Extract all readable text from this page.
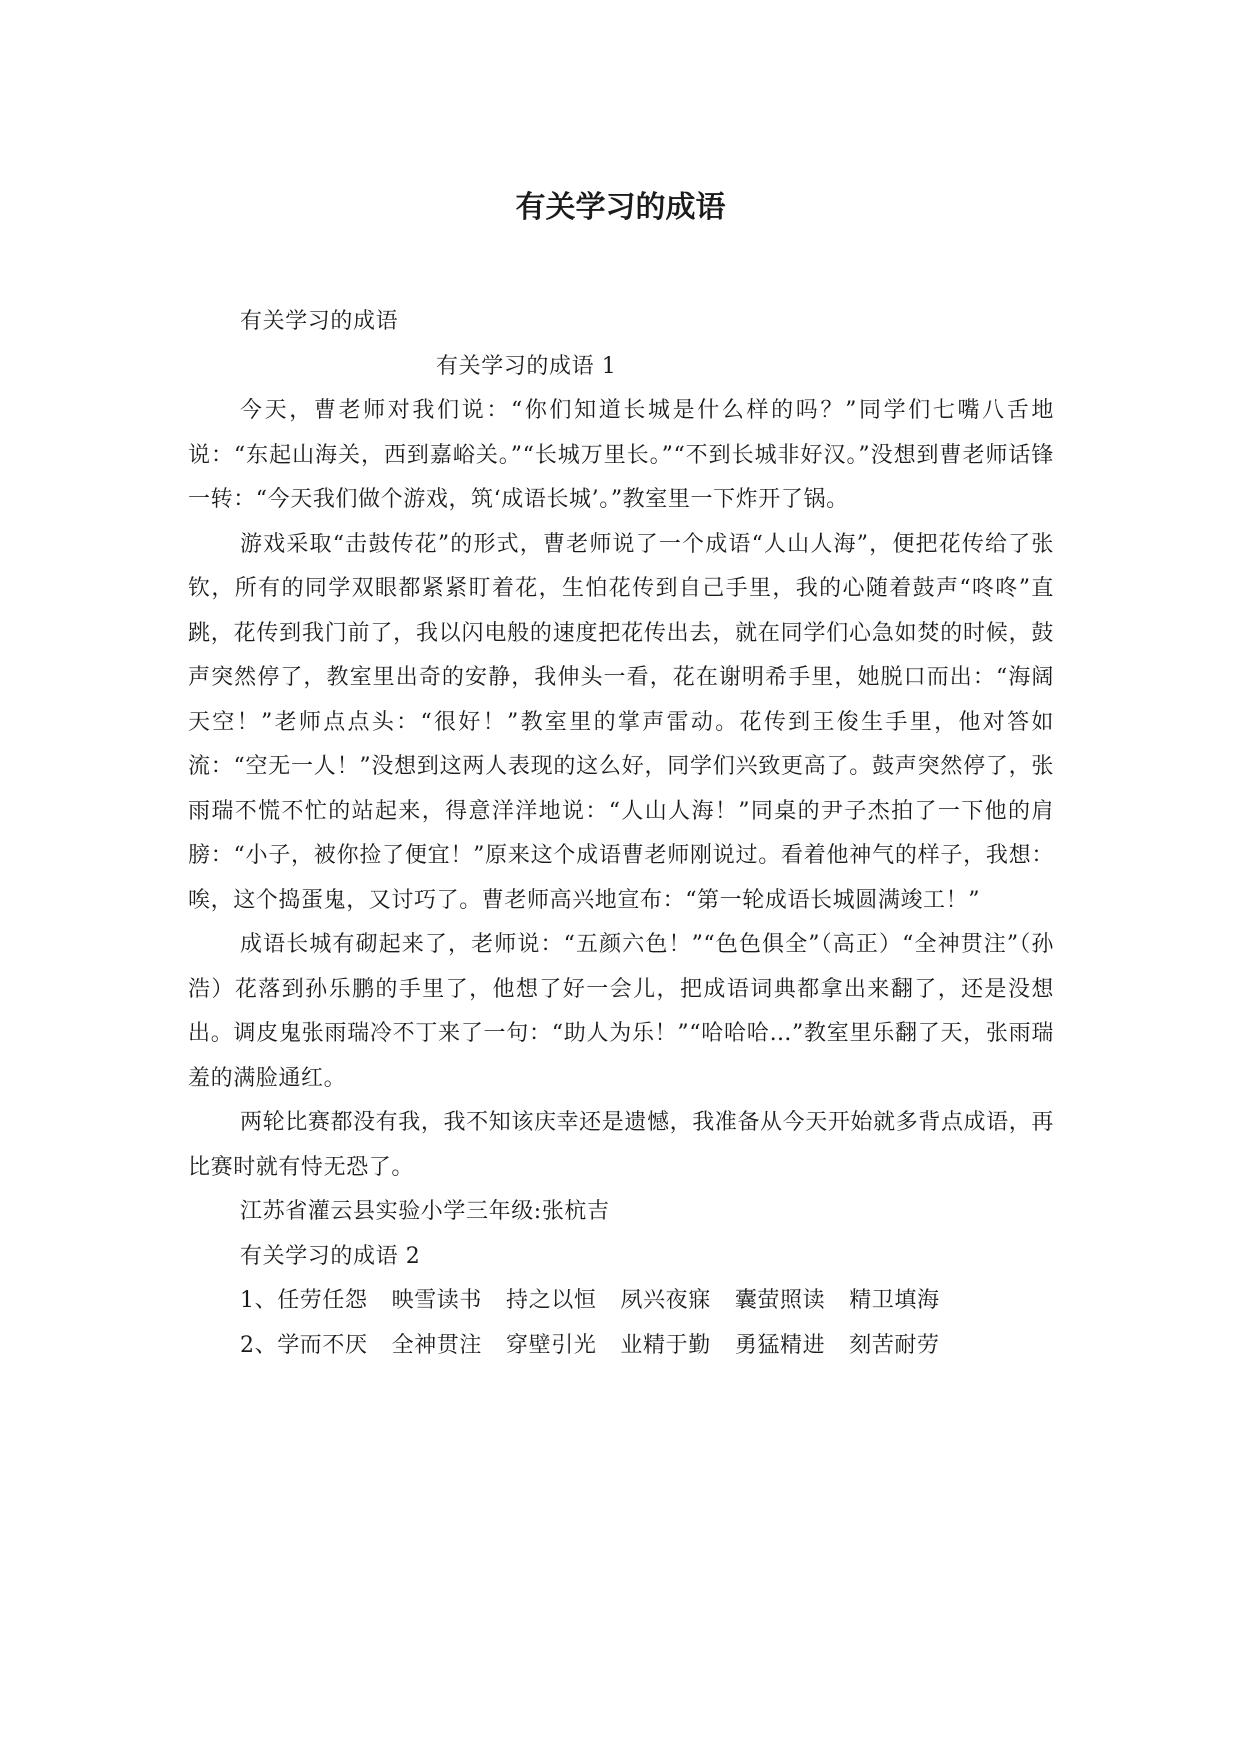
有关学习的成语

有关学习的成语

有关学习的成语 1

今天，曹老师对我们说：“你们知道长城是什么样的吗？”同学们七嘴八舌地说：“东起山海关，西到嘉峪关。”“长城万里长。”“不到长城非好汉。”没想到曹老师话锋一转：“今天我们做个游戏，筑‘成语长城’。”教室里一下炸开了锅。

游戏采取“击鼓传花”的形式，曹老师说了一个成语“人山人海”，便把花传给了张钦，所有的同学双眼都紧紧盯着花，生怕花传到自己手里，我的心随着鼓声“咚咚”直跳，花传到我门前了，我以闪电般的速度把花传出去，就在同学们心急如焚的时候，鼓声突然停了，教室里出奇的安静，我伸头一看，花在谢明希手里，她脱口而出：“海阔天空！”老师点点头：“很好！”教室里的掌声雷动。花传到王俊生手里，他对答如流：“空无一人！”没想到这两人表现的这么好，同学们兴致更高了。鼓声突然停了，张雨瑞不慌不忙的站起来，得意洋洋地说：“人山人海！”同桌的尹子杰拍了一下他的肩膀：“小子，被你捡了便宜！”原来这个成语曹老师刚说过。看着他神气的样子，我想：唉，这个捣蛋鬼，又讨巧了。曹老师高兴地宣布：“第一轮成语长城圆满竣工！”

成语长城有砌起来了，老师说：“五颜六色！”“色色俱全”（高正）“全神贯注”（孙浩）花落到孙乐鹏的手里了，他想了好一会儿，把成语词典都拿出来翻了，还是没想出。调皮鬼张雨瑞冷不丁来了一句：“助人为乐！”“哈哈哈…”教室里乐翻了天，张雨瑞羞的满脸通红。

两轮比赛都没有我，我不知该庆幸还是遗憾，我准备从今天开始就多背点成语，再比赛时就有恃无恐了。

江苏省灌云县实验小学三年级:张杭吉

有关学习的成语 2

1、 任劳任怨 映雪读书 持之以恒 夙兴夜寐 囊萤照读 精卫填海
2、 学而不厌 全神贯注 穿壁引光 业精于勤 勇猛精进 刻苦耐劳
